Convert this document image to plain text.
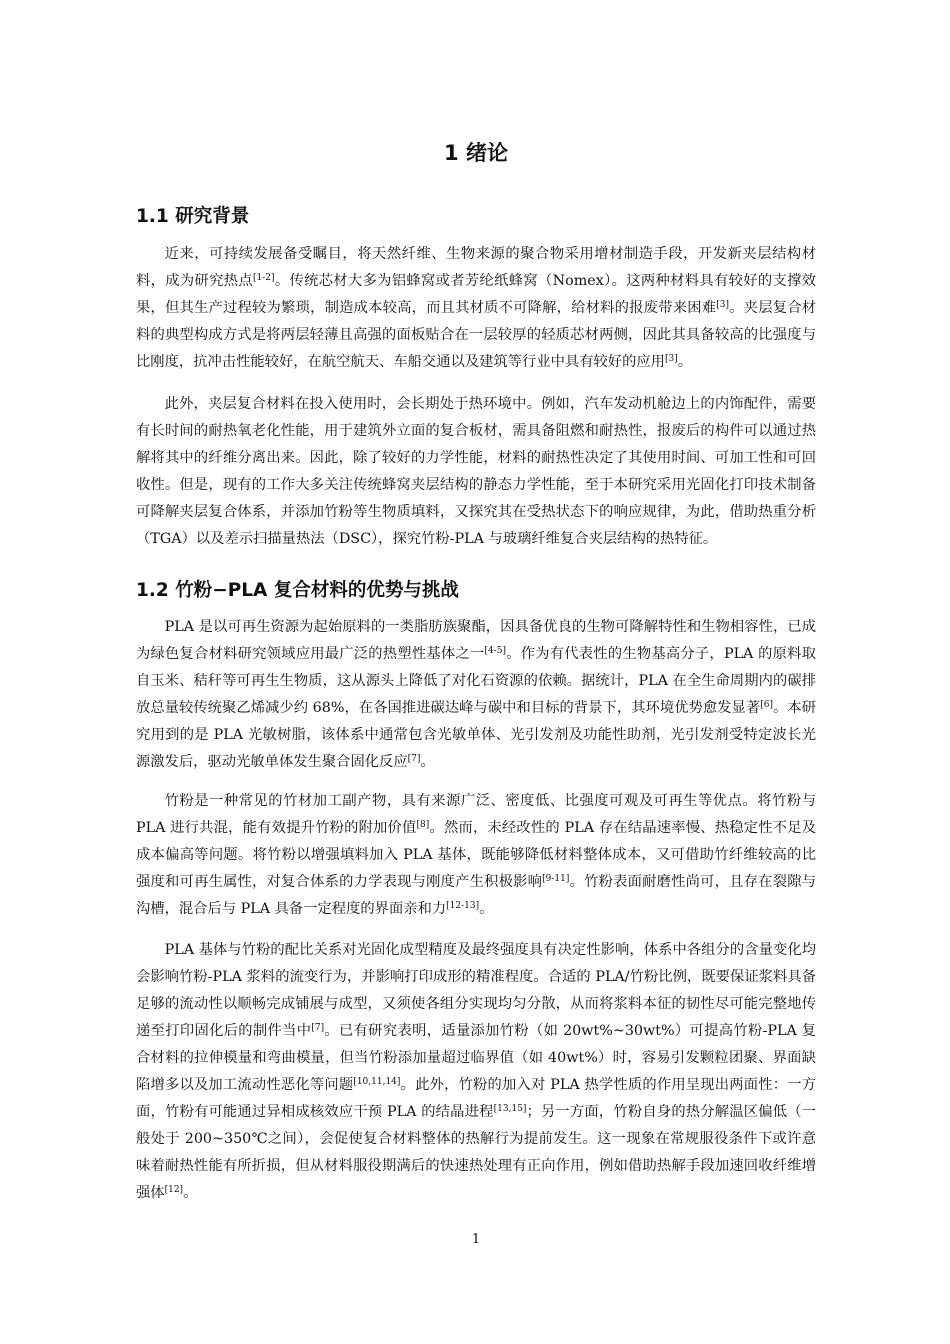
1 绪论
1.1 研究背景

近来，可持续发展备受瞩目，将天然纤维、生物来源的聚合物采用增材制造手段，开发新夹层结构材料，成为研究热点[1-2]。传统芯材大多为铝蜂窝或者芳纶纸蜂窝（Nomex）。这两种材料具有较好的支撑效果，但其生产过程较为繁琐，制造成本较高，而且其材质不可降解，给材料的报废带来困难[3]。夹层复合材料的典型构成方式是将两层轻薄且高强的面板贴合在一层较厚的轻质芯材两侧，因此其具备较高的比强度与比刚度，抗冲击性能较好，在航空航天、车船交通以及建筑等行业中具有较好的应用[3]。

此外，夹层复合材料在投入使用时，会长期处于热环境中。例如，汽车发动机舱边上的内饰配件，需要有长时间的耐热氧老化性能，用于建筑外立面的复合板材，需具备阻燃和耐热性，报废后的构件可以通过热解将其中的纤维分离出来。因此，除了较好的力学性能，材料的耐热性决定了其使用时间、可加工性和可回收性。但是，现有的工作大多关注传统蜂窝夹层结构的静态力学性能，至于本研究采用光固化打印技术制备可降解夹层复合体系，并添加竹粉等生物质填料，又探究其在受热状态下的响应规律，为此，借助热重分析（TGA）以及差示扫描量热法（DSC），探究竹粉-PLA 与玻璃纤维复合夹层结构的热特征。

1.2 竹粉−PLA 复合材料的优势与挑战

PLA 是以可再生资源为起始原料的一类脂肪族聚酯，因具备优良的生物可降解特性和生物相容性，已成为绿色复合材料研究领域应用最广泛的热塑性基体之一[4-5]。作为有代表性的生物基高分子，PLA 的原料取自玉米、秸秆等可再生生物质，这从源头上降低了对化石资源的依赖。据统计，PLA 在全生命周期内的碳排放总量较传统聚乙烯减少约 68%，在各国推进碳达峰与碳中和目标的背景下，其环境优势愈发显著[6]。本研究用到的是 PLA 光敏树脂，该体系中通常包含光敏单体、光引发剂及功能性助剂，光引发剂受特定波长光源激发后，驱动光敏单体发生聚合固化反应[7]。

竹粉是一种常见的竹材加工副产物，具有来源广泛、密度低、比强度可观及可再生等优点。将竹粉与 PLA 进行共混，能有效提升竹粉的附加价值[8]。然而，未经改性的 PLA 存在结晶速率慢、热稳定性不足及成本偏高等问题。将竹粉以增强填料加入 PLA 基体，既能够降低材料整体成本，又可借助竹纤维较高的比强度和可再生属性，对复合体系的力学表现与刚度产生积极影响[9-11]。竹粉表面耐磨性尚可，且存在裂隙与沟槽，混合后与 PLA 具备一定程度的界面亲和力[12-13]。

PLA 基体与竹粉的配比关系对光固化成型精度及最终强度具有决定性影响，体系中各组分的含量变化均会影响竹粉-PLA 浆料的流变行为，并影响打印成形的精准程度。合适的 PLA/竹粉比例，既要保证浆料具备足够的流动性以顺畅完成铺展与成型，又须使各组分实现均匀分散，从而将浆料本征的韧性尽可能完整地传递至打印固化后的制件当中[7]。已有研究表明，适量添加竹粉（如 20wt%~30wt%）可提高竹粉-PLA 复合材料的拉伸模量和弯曲模量，但当竹粉添加量超过临界值（如 40wt%）时，容易引发颗粒团聚、界面缺陷增多以及加工流动性恶化等问题[10,11,14]。此外，竹粉的加入对 PLA 热学性质的作用呈现出两面性：一方面，竹粉有可能通过异相成核效应干预 PLA 的结晶进程[13,15]；另一方面，竹粉自身的热分解温区偏低（一般处于 200~350℃之间），会促使复合材料整体的热解行为提前发生。这一现象在常规服役条件下或许意味着耐热性能有所折损，但从材料服役期满后的快速热处理有正向作用，例如借助热解手段加速回收纤维增强体[12]。

1
